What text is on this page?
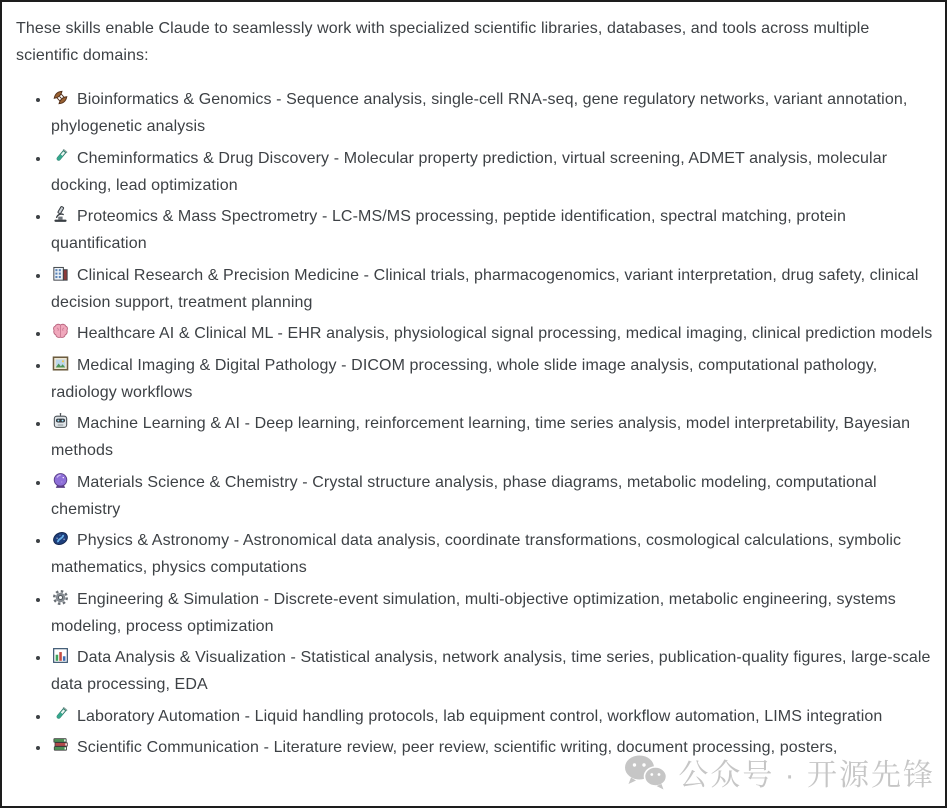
These skills enable Claude to seamlessly work with specialized scientific libraries, databases, and tools across multiple scientific domains:

• Bioinformatics & Genomics - Sequence analysis, single-cell RNA-seq, gene regulatory networks, variant annotation, phylogenetic analysis
• Cheminformatics & Drug Discovery - Molecular property prediction, virtual screening, ADMET analysis, molecular docking, lead optimization
• Proteomics & Mass Spectrometry - LC-MS/MS processing, peptide identification, spectral matching, protein quantification
• Clinical Research & Precision Medicine - Clinical trials, pharmacogenomics, variant interpretation, drug safety, clinical decision support, treatment planning
• Healthcare AI & Clinical ML - EHR analysis, physiological signal processing, medical imaging, clinical prediction models
• Medical Imaging & Digital Pathology - DICOM processing, whole slide image analysis, computational pathology, radiology workflows
• Machine Learning & AI - Deep learning, reinforcement learning, time series analysis, model interpretability, Bayesian methods
• Materials Science & Chemistry - Crystal structure analysis, phase diagrams, metabolic modeling, computational chemistry
• Physics & Astronomy - Astronomical data analysis, coordinate transformations, cosmological calculations, symbolic mathematics, physics computations
• Engineering & Simulation - Discrete-event simulation, multi-objective optimization, metabolic engineering, systems modeling, process optimization
• Data Analysis & Visualization - Statistical analysis, network analysis, time series, publication-quality figures, large-scale data processing, EDA
• Laboratory Automation - Liquid handling protocols, lab equipment control, workflow automation, LIMS integration
• Scientific Communication - Literature review, peer review, scientific writing, document processing, posters,
公众号 · 开源先锋
